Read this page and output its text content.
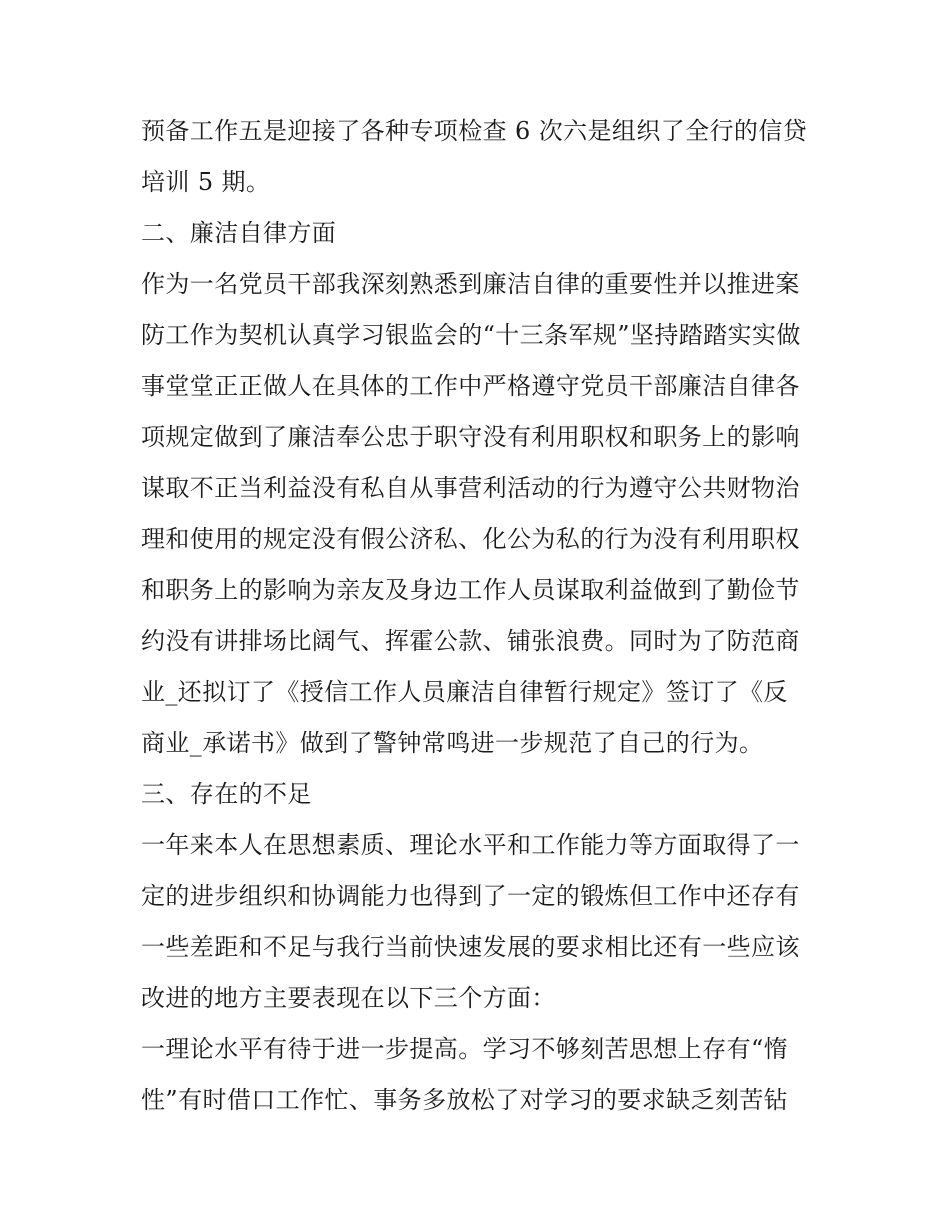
预备工作五是迎接了各种专项检查 6 次六是组织了全行的信贷
培训 5 期。
二、廉洁自律方面
作为一名党员干部我深刻熟悉到廉洁自律的重要性并以推进案
防工作为契机认真学习银监会的“十三条军规”坚持踏踏实实做
事堂堂正正做人在具体的工作中严格遵守党员干部廉洁自律各
项规定做到了廉洁奉公忠于职守没有利用职权和职务上的影响
谋取不正当利益没有私自从事营利活动的行为遵守公共财物治
理和使用的规定没有假公济私、化公为私的行为没有利用职权
和职务上的影响为亲友及身边工作人员谋取利益做到了勤俭节
约没有讲排场比阔气、挥霍公款、铺张浪费。同时为了防范商
业_还拟订了《授信工作人员廉洁自律暂行规定》签订了《反
商业_承诺书》做到了警钟常鸣进一步规范了自己的行为。
三、存在的不足
一年来本人在思想素质、理论水平和工作能力等方面取得了一
定的进步组织和协调能力也得到了一定的锻炼但工作中还存有
一些差距和不足与我行当前快速发展的要求相比还有一些应该
改进的地方主要表现在以下三个方面：
一理论水平有待于进一步提高。学习不够刻苦思想上存有“惰
性”有时借口工作忙、事务多放松了对学习的要求缺乏刻苦钻
